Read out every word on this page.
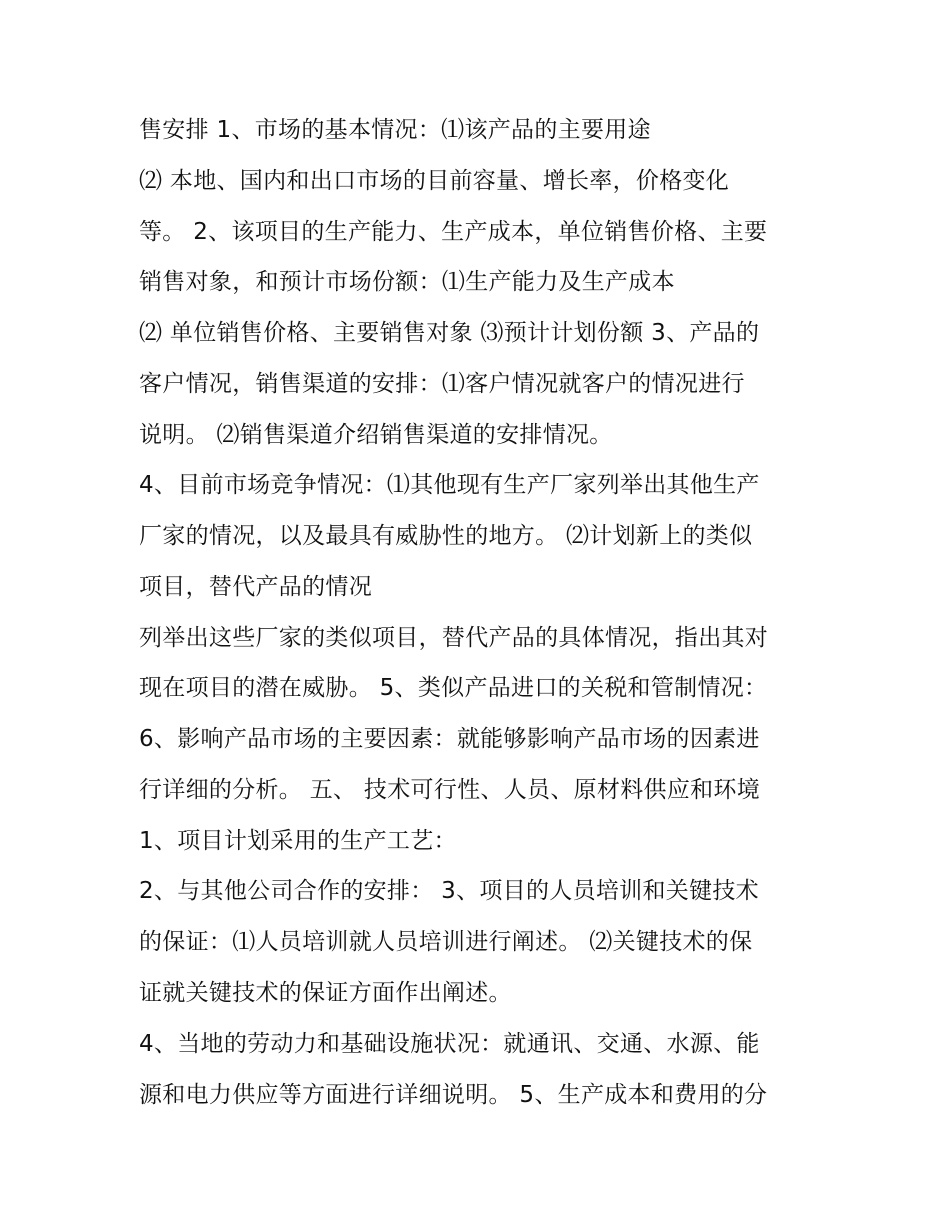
售安排 1、市场的基本情况：⑴该产品的主要用途
⑵ 本地、国内和出口市场的目前容量、增长率，价格变化
等。 2、该项目的生产能力、生产成本，单位销售价格、主要
销售对象，和预计市场份额：⑴生产能力及生产成本
⑵ 单位销售价格、主要销售对象 ⑶预计计划份额 3、产品的
客户情况，销售渠道的安排：⑴客户情况就客户的情况进行
说明。 ⑵销售渠道介绍销售渠道的安排情况。
4、目前市场竞争情况：⑴其他现有生产厂家列举出其他生产
厂家的情况，以及最具有威胁性的地方。 ⑵计划新上的类似
项目，替代产品的情况
列举出这些厂家的类似项目，替代产品的具体情况，指出其对
现在项目的潜在威胁。 5、类似产品进口的关税和管制情况：
6、影响产品市场的主要因素：就能够影响产品市场的因素进
行详细的分析。 五、 技术可行性、人员、原材料供应和环境
1、项目计划采用的生产工艺：
2、与其他公司合作的安排： 3、项目的人员培训和关键技术
的保证：⑴人员培训就人员培训进行阐述。 ⑵关键技术的保
证就关键技术的保证方面作出阐述。
4、当地的劳动力和基础设施状况：就通讯、交通、水源、能
源和电力供应等方面进行详细说明。 5、生产成本和费用的分
